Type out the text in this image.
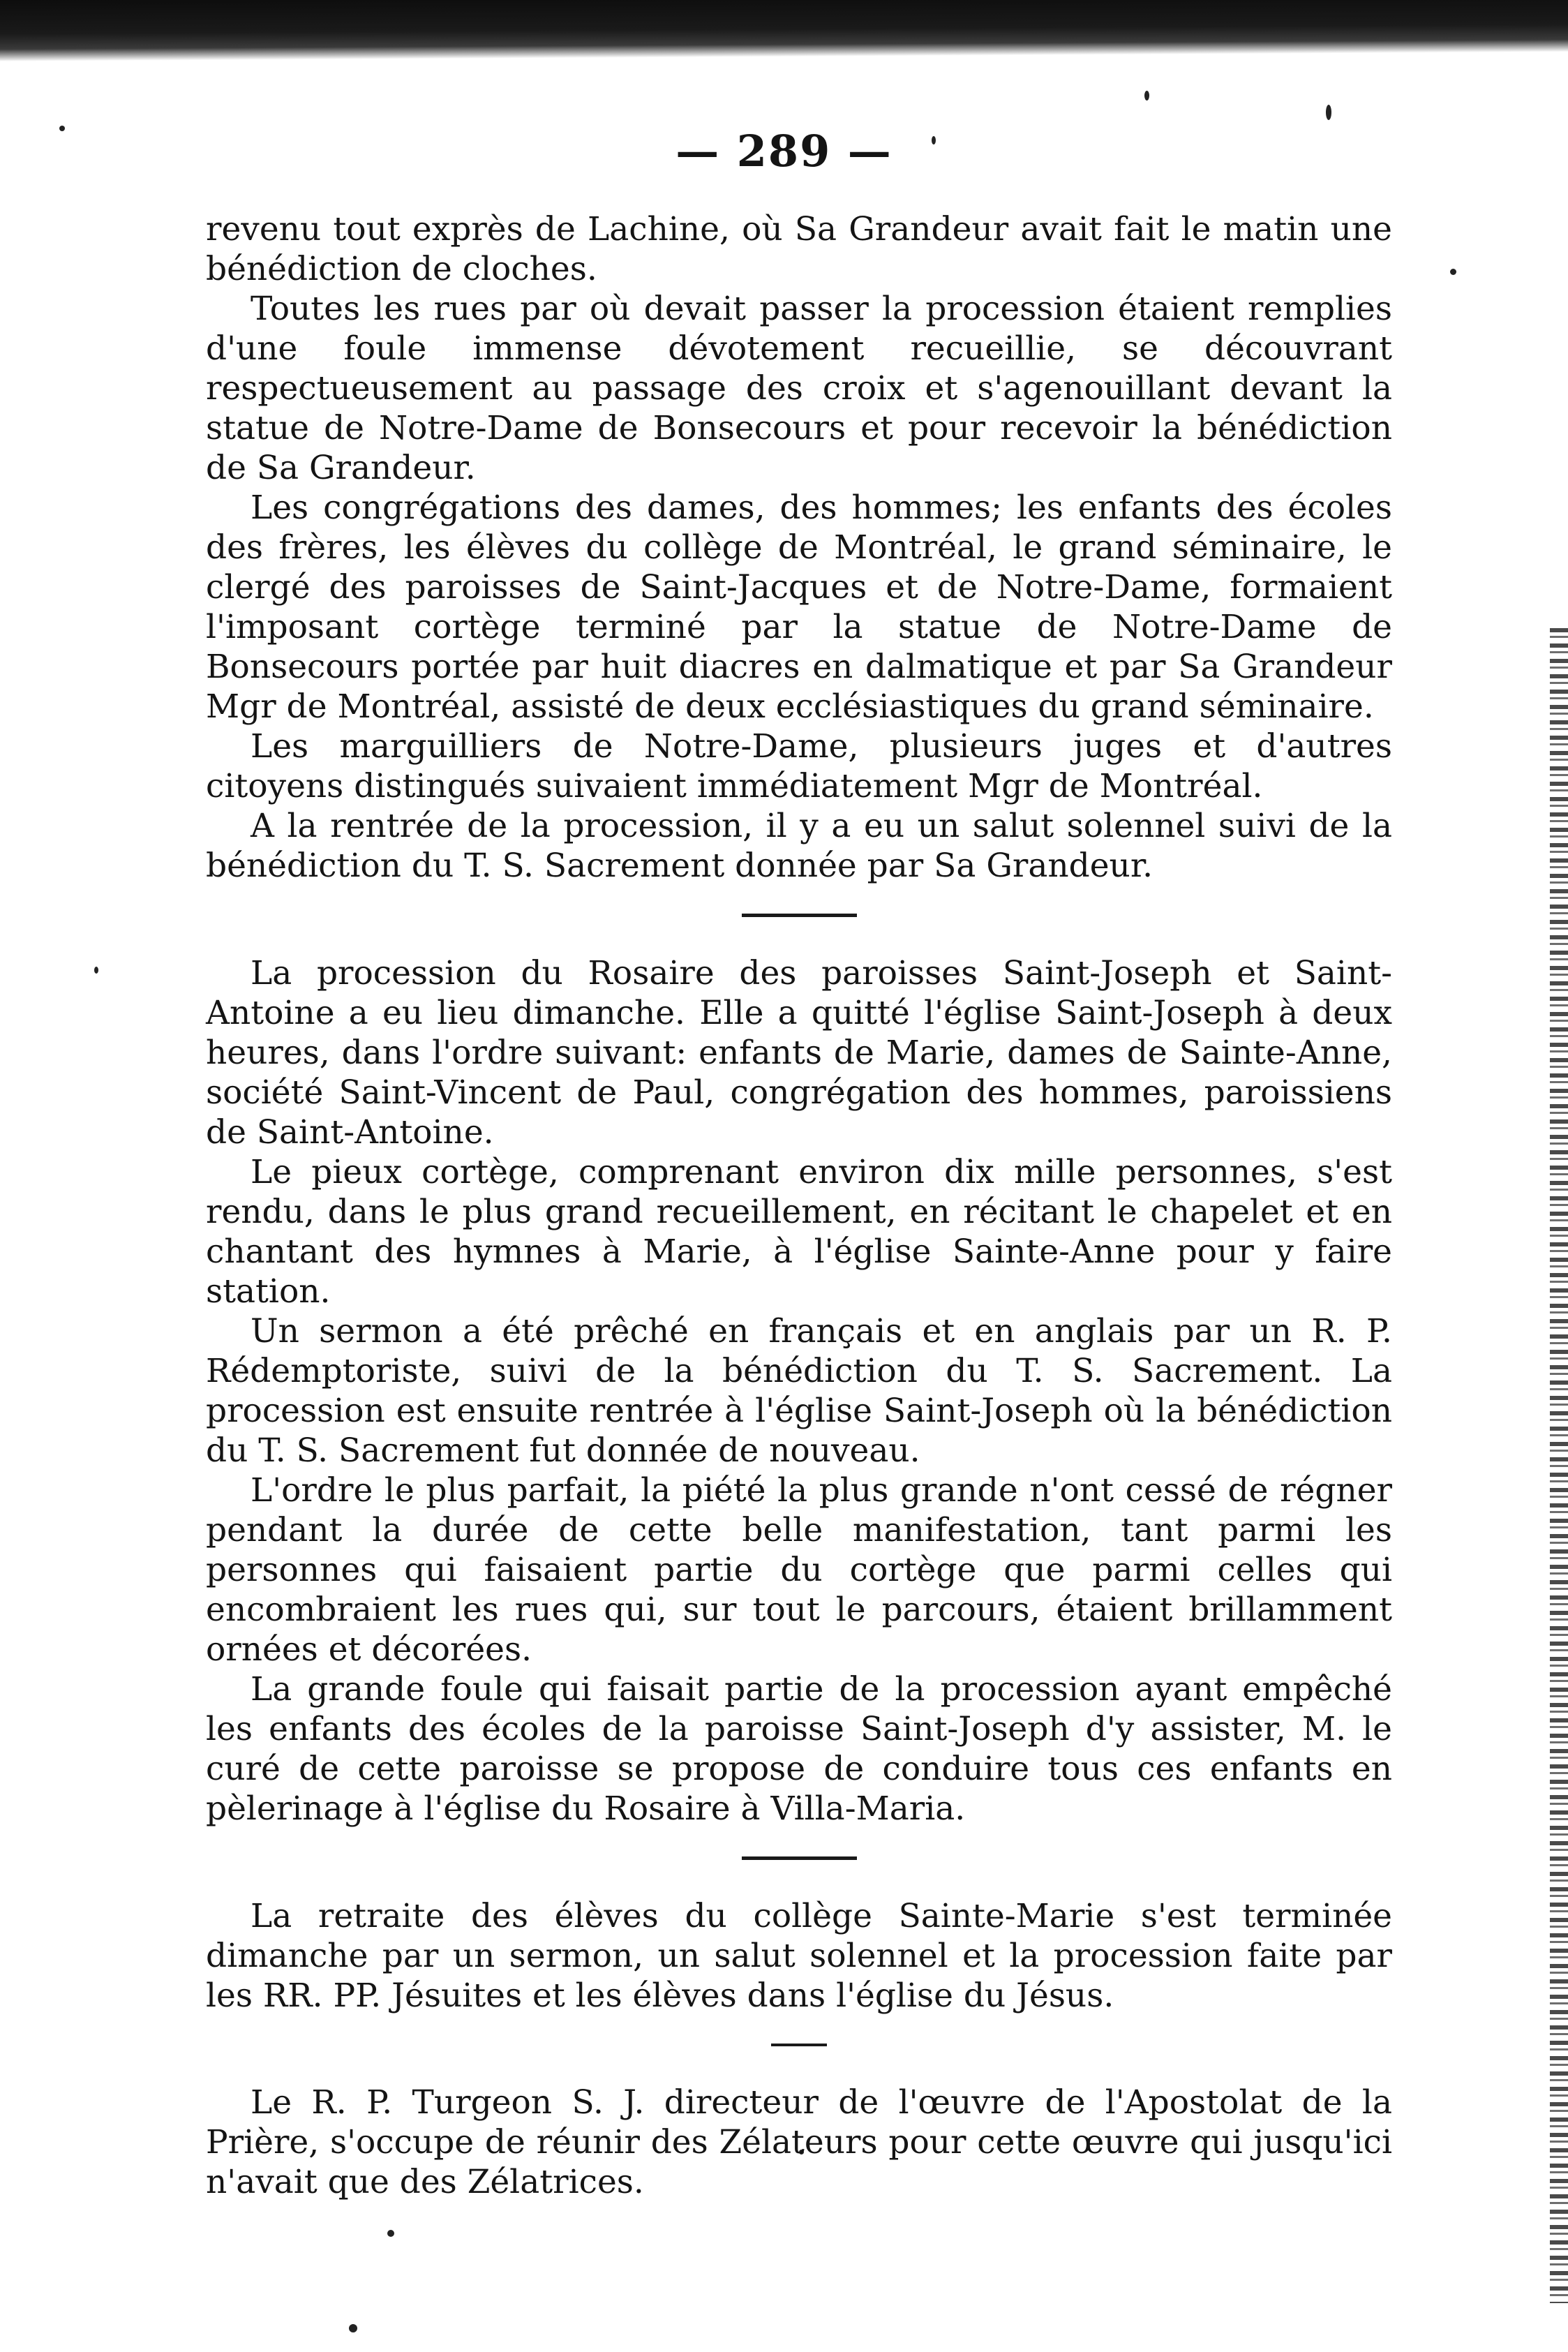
— 289 —

revenu tout exprès de Lachine, où Sa Grandeur avait fait le matin une bénédiction de cloches.

Toutes les rues par où devait passer la procession étaient remplies d'une foule immense dévotement recueillie, se découvrant respectueusement au passage des croix et s'agenouillant devant la statue de Notre-Dame de Bonsecours et pour recevoir la bénédiction de Sa Grandeur.

Les congrégations des dames, des hommes; les enfants des écoles des frères, les élèves du collège de Montréal, le grand séminaire, le clergé des paroisses de Saint-Jacques et de Notre-Dame, formaient l'imposant cortège terminé par la statue de Notre-Dame de Bonsecours portée par huit diacres en dalmatique et par Sa Grandeur Mgr de Montréal, assisté de deux ecclésiastiques du grand séminaire.

Les marguilliers de Notre-Dame, plusieurs juges et d'autres citoyens distingués suivaient immédiatement Mgr de Montréal.

A la rentrée de la procession, il y a eu un salut solennel suivi de la bénédiction du T. S. Sacrement donnée par Sa Grandeur.

La procession du Rosaire des paroisses Saint-Joseph et Saint-Antoine a eu lieu dimanche. Elle a quitté l'église Saint-Joseph à deux heures, dans l'ordre suivant: enfants de Marie, dames de Sainte-Anne, société Saint-Vincent de Paul, congrégation des hommes, paroissiens de Saint-Antoine.

Le pieux cortège, comprenant environ dix mille personnes, s'est rendu, dans le plus grand recueillement, en récitant le chapelet et en chantant des hymnes à Marie, à l'église Sainte-Anne pour y faire station.

Un sermon a été prêché en français et en anglais par un R. P. Rédemptoriste, suivi de la bénédiction du T. S. Sacrement. La procession est ensuite rentrée à l'église Saint-Joseph où la bénédiction du T. S. Sacrement fut donnée de nouveau.

L'ordre le plus parfait, la piété la plus grande n'ont cessé de régner pendant la durée de cette belle manifestation, tant parmi les personnes qui faisaient partie du cortège que parmi celles qui encombraient les rues qui, sur tout le parcours, étaient brillamment ornées et décorées.

La grande foule qui faisait partie de la procession ayant empêché les enfants des écoles de la paroisse Saint-Joseph d'y assister, M. le curé de cette paroisse se propose de conduire tous ces enfants en pèlerinage à l'église du Rosaire à Villa-Maria.

La retraite des élèves du collège Sainte-Marie s'est terminée dimanche par un sermon, un salut solennel et la procession faite par les RR. PP. Jésuites et les élèves dans l'église du Jésus.

Le R. P. Turgeon S. J. directeur de l'œuvre de l'Apostolat de la Prière, s'occupe de réunir des Zélateurs pour cette œuvre qui jusqu'ici n'avait que des Zélatrices.
